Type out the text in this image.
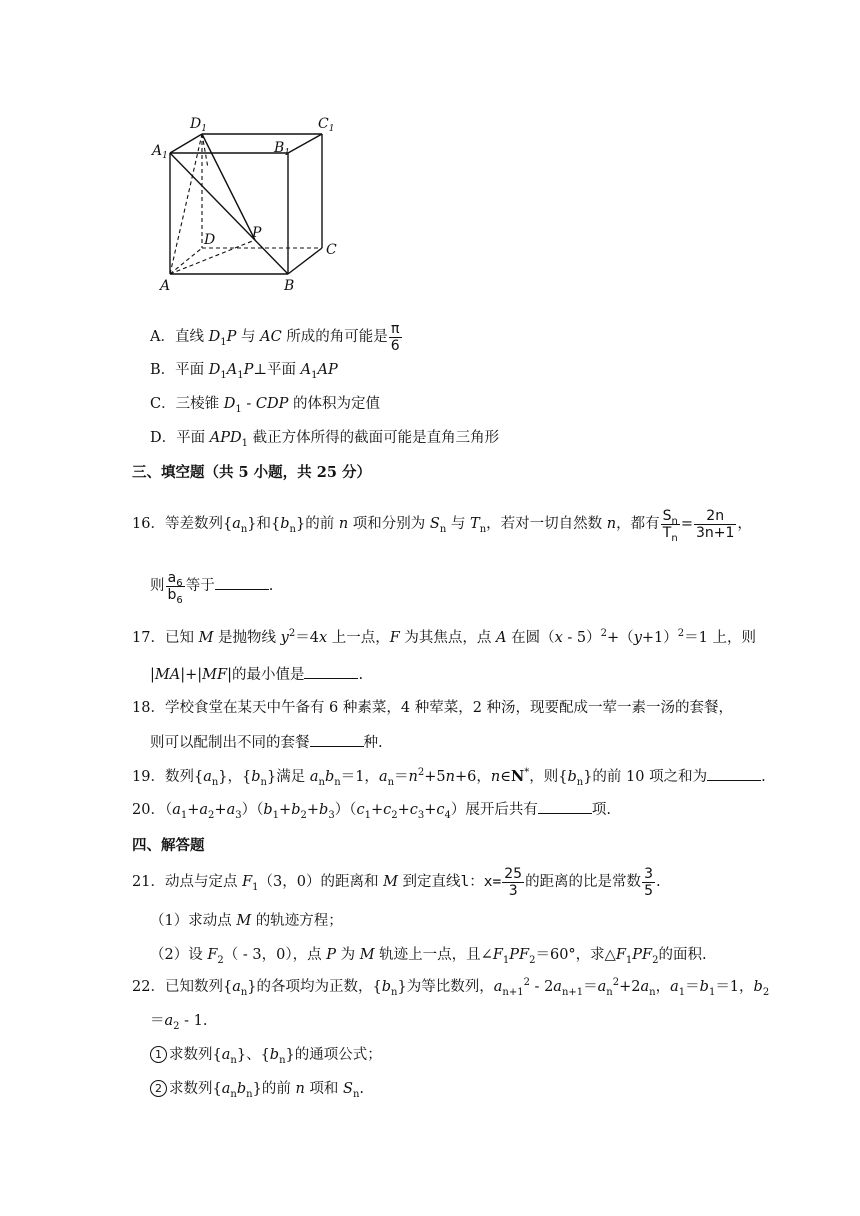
$D_1$	$C_1$
$A_1$	$B_1$
D	P
C
A	B
A．直线 $D_1P$ 与 AC 所成的角可能是 $\frac{\pi}{6}$
B．平面 $D_1A_1P\perp$平面 $A_1AP$
C．三棱锥 $D_1$ - CDP 的体积为定值
D．平面 $APD_1$ 截正方体所得的截面可能是直角三角形
三、填空题（共 5 小题，共 25 分）
16．等差数列$\{a_n\}$和$\{b_n\}$的前 n 项和分别为 $S_n$ 与 $T_n$，若对一切自然数 n，都有 $\frac{S_n}{T_n} = \frac{2n}{3n+1}$ ，
则 $\frac{a_6}{b_6}$ 等于	.
17．已知 M 是抛物线 $y^2=4x$ 上一点，F 为其焦点，点 A 在圆$(x - 5)^2+(y+1)^2=1$ 上，则
|MA|+|MF|的最小值是	.
18．学校食堂在某天中午备有 6 种素菜，4 种荤菜，2 种汤，现要配成一荤一素一汤的套餐，
则可以配制出不同的套餐	种.
19．数列$\{a_n\}$，$\{b_n\}$满足 $a_nb_n=1$，$a_n=n^2+5n+6$，n∈N*，则$\{b_n\}$的前 10 项之和为	.
20．$(a_1+a_2+a_3)(b_1+b_2+b_3)(c_1+c_2+c_3+c_4)$展开后共有	项.
四、解答题
21．动点与定点 $F_1(3$，0）的距离和 M 到定直线l：$x= \frac{25}{3}$ 的距离的比是常数 $\frac{3}{5}$ .
（1）求动点 M 的轨迹方程；
（2）设 $F_2( - 3$，0），点 P 为 M 轨迹上一点，且$\angle F_1PF_2=60^\circ$，求$\triangle F_1PF_2$的面积.
22．已知数列$\{a_n\}$的各项均为正数，$\{b_n\}$为等比数列，$a_{n+1}^2 - 2a_{n+1}=a_n^2+2a_n$，$a_1=b_1=1$，$b_2$
$=a_2 - 1$.
1 求数列$\{a_n\}$、$\{b_n\}$的通项公式；
2 求数列$\{a_nb_n\}$的前 n 项和 $S_n$.
